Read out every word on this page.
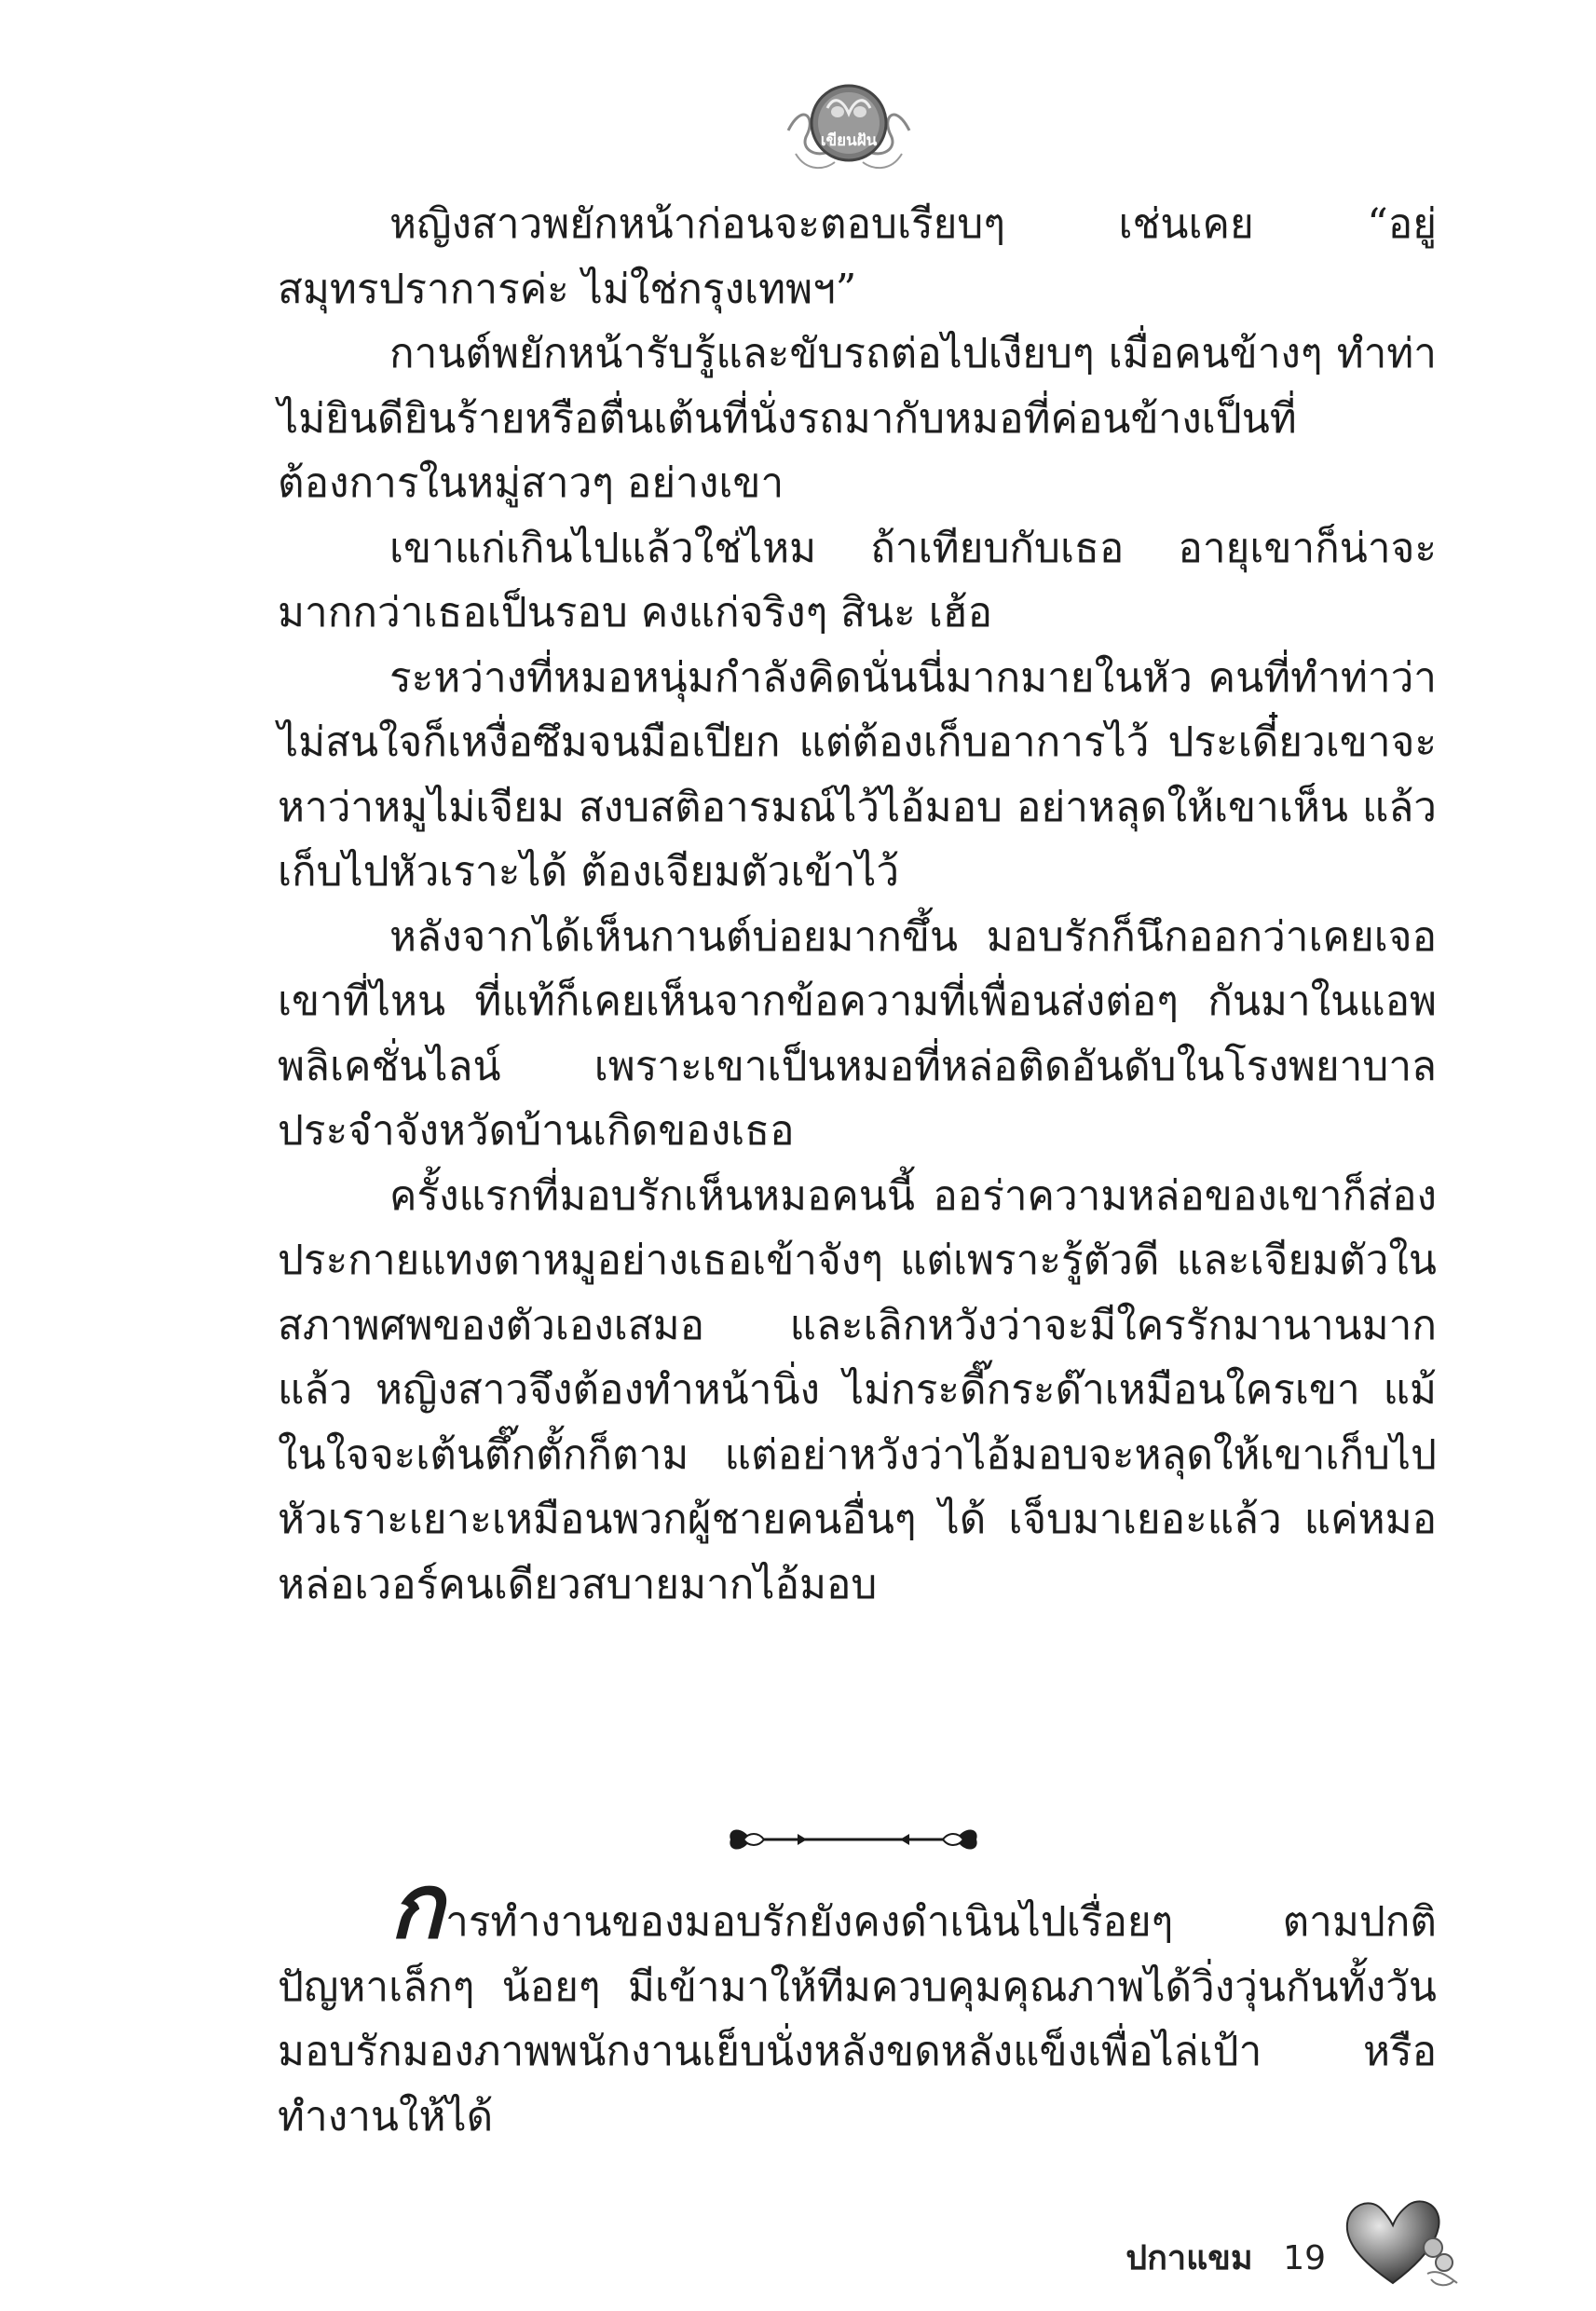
เขียนฝัน

หญิงสาวพยักหน้าก่อนจะตอบเรียบๆ เช่นเคย “อยู่สมุทรปราการค่ะ ไม่ใช่กรุงเทพฯ”

กานต์พยักหน้ารับรู้และขับรถต่อไปเงียบๆ เมื่อคนข้างๆ ทำท่าไม่ยินดียินร้ายหรือตื่นเต้นที่นั่งรถมากับหมอที่ค่อนข้างเป็นที่ต้องการในหมู่สาวๆ อย่างเขา

เขาแก่เกินไปแล้วใช่ไหม ถ้าเทียบกับเธอ อายุเขาก็น่าจะมากกว่าเธอเป็นรอบ คงแก่จริงๆ สินะ เฮ้อ

ระหว่างที่หมอหนุ่มกำลังคิดนั่นนี่มากมายในหัว คนที่ทำท่าว่าไม่สนใจก็เหงื่อซึมจนมือเปียก แต่ต้องเก็บอาการไว้ ประเดี๋ยวเขาจะหาว่าหมูไม่เจียม สงบสติอารมณ์ไว้ไอ้มอบ อย่าหลุดให้เขาเห็น แล้วเก็บไปหัวเราะได้ ต้องเจียมตัวเข้าไว้

หลังจากได้เห็นกานต์บ่อยมากขึ้น มอบรักก็นึกออกว่าเคยเจอเขาที่ไหน ที่แท้ก็เคยเห็นจากข้อความที่เพื่อนส่งต่อๆ กันมาในแอพพลิเคชั่นไลน์ เพราะเขาเป็นหมอที่หล่อติดอันดับในโรงพยาบาลประจำจังหวัดบ้านเกิดของเธอ

ครั้งแรกที่มอบรักเห็นหมอคนนี้ ออร่าความหล่อของเขาก็ส่องประกายแทงตาหมูอย่างเธอเข้าจังๆ แต่เพราะรู้ตัวดี และเจียมตัวในสภาพศพของตัวเองเสมอ และเลิกหวังว่าจะมีใครรักมานานมากแล้ว หญิงสาวจึงต้องทำหน้านิ่ง ไม่กระดี๊กระด๊าเหมือนใครเขา แม้ในใจจะเต้นตึ๊กตั้กก็ตาม แต่อย่าหวังว่าไอ้มอบจะหลุดให้เขาเก็บไปหัวเราะเยาะเหมือนพวกผู้ชายคนอื่นๆ ได้ เจ็บมาเยอะแล้ว แค่หมอหล่อเวอร์คนเดียวสบายมากไอ้มอบ

การทำงานของมอบรักยังคงดำเนินไปเรื่อยๆ ตามปกติ ปัญหาเล็กๆ น้อยๆ มีเข้ามาให้ทีมควบคุมคุณภาพได้วิ่งวุ่นกันทั้งวัน มอบรักมองภาพพนักงานเย็บนั่งหลังขดหลังแข็งเพื่อไล่เป้า หรือทำงานให้ได้

ปกาแขม 19
